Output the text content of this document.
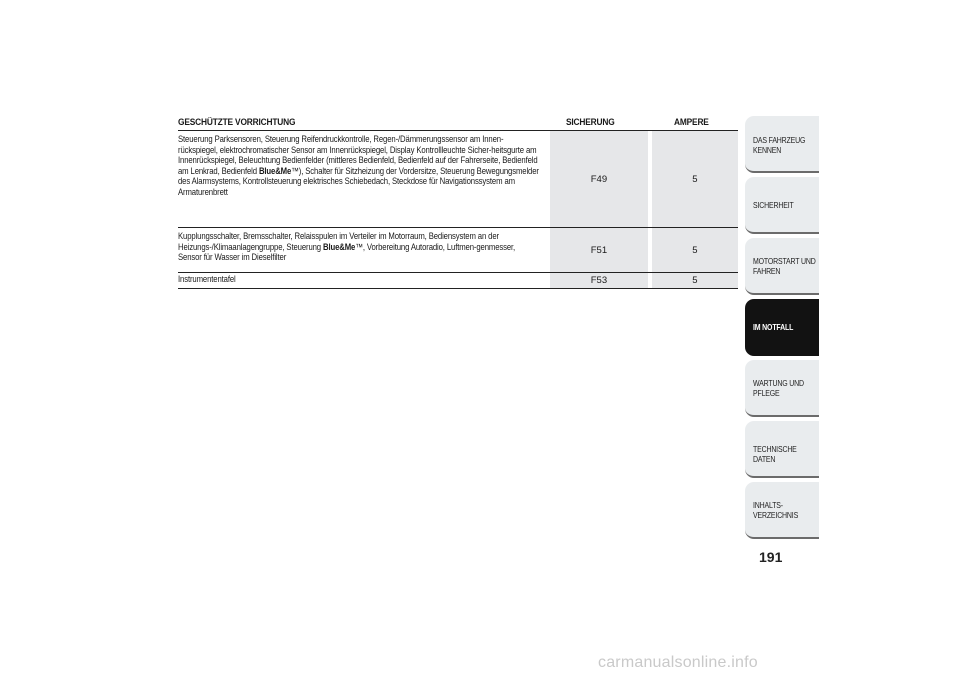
GESCHÜTZTE VORRICHTUNG	SICHERUNG	AMPERE
Steuerung Parksensoren, Steuerung Reifendruckkontrolle, Regen-/Dämmerungssensor am Innen-rückspiegel, elektrochromatischer Sensor am Innenrückspiegel, Display Kontrollleuchte Sicher-heitsgurte am Innenrückspiegel, Beleuchtung Bedienfelder (mittleres Bedienfeld, Bedienfeld auf der Fahrerseite, Bedienfeld am Lenkrad, Bedienfeld Blue&Me™), Schalter für Sitzheizung der Vordersitze, Steuerung Bewegungsmelder des Alarmsystems, Kontrollsteuerung elektrisches Schiebedach, Steckdose für Navigationssystem am Armaturenbrett
F49	5
Kupplungsschalter, Bremsschalter, Relaisspulen im Verteiler im Motorraum, Bediensystem an der Heizungs-/Klimaanlagengruppe, Steuerung Blue&Me™, Vorbereitung Autoradio, Luftmen-genmesser, Sensor für Wasser im Dieselfilter
F51	5
Instrumententafel	F53	5
DAS FAHRZEUG KENNEN
SICHERHEIT
MOTORSTART UND FAHREN
IM NOTFALL
WARTUNG UND PFLEGE
TECHNISCHE DATEN
INHALTS-VERZEICHNIS
191
carmanualsonline.info
